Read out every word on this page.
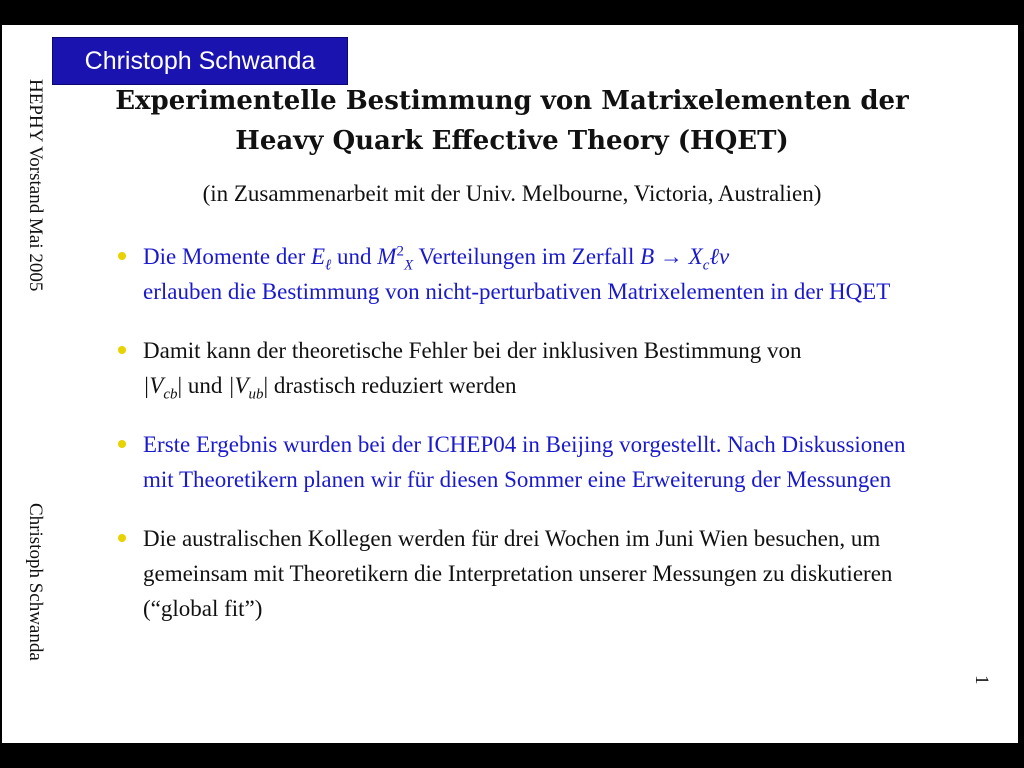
Christoph Schwanda
HEPHY Vorstand Mai 2005
Christoph Schwanda
1
Experimentelle Bestimmung von Matrixelementen der
Heavy Quark Effective Theory (HQET)
(in Zusammenarbeit mit der Univ. Melbourne, Victoria, Australien)
Die Momente der $E_\ell$ und $M^2_X$ Verteilungen im Zerfall $B \to X_c\ell\nu$
erlauben die Bestimmung von nicht-perturbativen Matrixelementen in der HQET
Damit kann der theoretische Fehler bei der inklusiven Bestimmung von
$|V_{cb}|$ und $|V_{ub}|$ drastisch reduziert werden
Erste Ergebnis wurden bei der ICHEP04 in Beijing vorgestellt. Nach Diskussionen mit Theoretikern planen wir für diesen Sommer eine Erweiterung der Messungen
Die australischen Kollegen werden für drei Wochen im Juni Wien besuchen, um gemeinsam mit Theoretikern die Interpretation unserer Messungen zu diskutieren (“global fit”)
